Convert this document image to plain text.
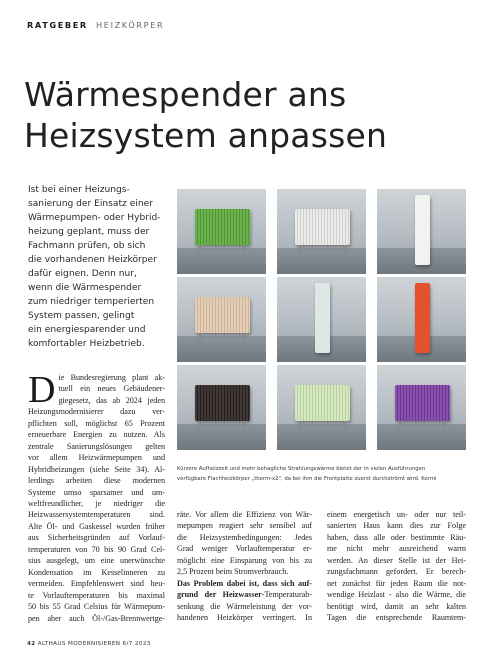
RATGEBER HEIZKÖRPER
Wärmespender ans
Heizsystem anpassen
Ist bei einer Heizungs-
sanierung der Einsatz einer
Wärmepumpen- oder Hybrid-
heizung geplant, muss der
Fachmann prüfen, ob sich
die vorhandenen Heizkörper
dafür eignen. Denn nur,
wenn die Wärmespender
zum niedriger temperierten
System passen, gelingt
ein energiesparender und
komfortabler Heizbetrieb.
D ie Bundesregierung plant ak-
tuell ein neues Gebäudener-
giegesetz, das ab 2024 jeden
Heizungsmodernisierer dazu ver-
pflichten soll, möglichst 65 Prozent
erneuerbare Energien zu nutzen. Als
zentrale Sanierungslösungen gelten
vor allem Heizwärmepumpen und
Hybridheizungen (siehe Seite 34). Al-
lerdings arbeiten diese modernen
Systeme umso sparsamer und um-
weltfreundlicher, je niedriger die
Heizwassersystemtemperaturen sind.
Alte Öl- und Gaskessel wurden früher
aus Sicherheitsgründen auf Vorlauf-
temperaturen von 70 bis 90 Grad Cel-
sius ausgelegt, um eine unerwünschte
Kondensation im Kesselinneren zu
vermeiden. Empfehlenswert sind heu-
te Vorlauftemperaturen bis maximal
50 bis 55 Grad Celsius für Wärmepum-
pen aber auch Öl-/Gas-Brennwertge-
Kürzere Aufheizzeit und mehr behagliche Strahlungswärme bietet der in vielen Ausführungen
verfügbare Flachheizkörper „therm-x2", da bei ihm die Frontplatte zuerst durchströmt wird. Kermi
räte. Vor allem die Effizienz von Wär-
mepumpen reagiert sehr sensibel auf
die Heizsystembedingungen: Jedes
Grad weniger Vorlauftemperatur er-
möglicht eine Einsparung von bis zu
2,5 Prozent beim Stromverbrauch.
Das Problem dabei ist, dass sich auf-
grund der Heizwasser-Temperaturab-
senkung die Wärmeleistung der vor-
handenen Heizkörper verringert. In
einem energetisch un- oder nur teil-
sanierten Haus kann dies zur Folge
haben, dass alle oder bestimmte Räu-
me nicht mehr ausreichend warm
werden. An dieser Stelle ist der Hei-
zungsfachmann gefordert. Er berech-
net zunächst für jeden Raum die not-
wendige Heizlast - also die Wärme, die
benötigt wird, damit an sehr kalten
Tagen die entsprechende Raumtem-
42 ALTHAUS MODERNISIEREN 6/7 2023
